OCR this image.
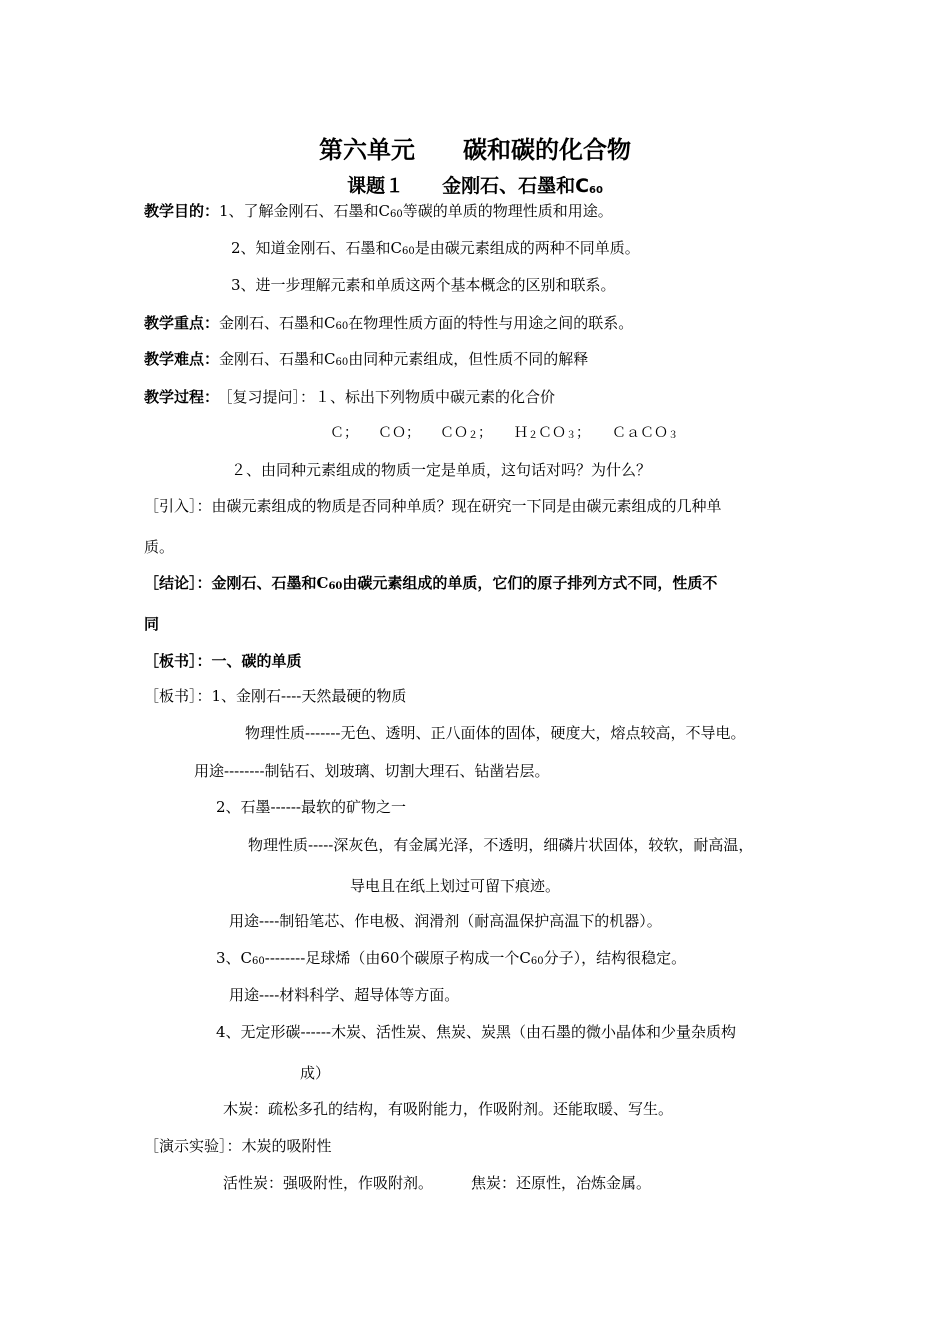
第六单元　　碳和碳的化合物
课题１　　金刚石、石墨和$C_{60}$
教学目的：1、了解金刚石、石墨和$C_{60}$等碳的单质的物理性质和用途。
2、知道金刚石、石墨和$C_{60}$是由碳元素组成的两种不同单质。
3、进一步理解元素和单质这两个基本概念的区别和联系。
教学重点：金刚石、石墨和$C_{60}$在物理性质方面的特性与用途之间的联系。
教学难点：金刚石、石墨和$C_{60}$由同种元素组成，但性质不同的解释
教学过程： ［复习提问］：１、标出下列物质中碳元素的化合价
Ｃ； ＣＯ； ＣＯ$_2$； Ｈ$_2$ＣＯ$_3$； ＣａＣＯ$_3$
２、由同种元素组成的物质一定是单质，这句话对吗？为什么？
［引入］：由碳元素组成的物质是否同种单质？现在研究一下同是由碳元素组成的几种单
质。
［结论］：金刚石、石墨和$C_{60}$由碳元素组成的单质，它们的原子排列方式不同，性质不
同
［板书］：一、碳的单质
［板书］：1、金刚石----天然最硬的物质
物理性质-------无色、透明、正八面体的固体，硬度大，熔点较高，不导电。
用途--------制钻石、划玻璃、切割大理石、钻凿岩层。
2、石墨------最软的矿物之一
物理性质-----深灰色，有金属光泽，不透明，细磷片状固体，较软，耐高温，
导电且在纸上划过可留下痕迹。
用途----制铅笔芯、作电极、润滑剂（耐高温保护高温下的机器）。
3、$C_{60}--------$足球烯（由60个碳原子构成一个$C_{60}$分子），结构很稳定。
用途----材料科学、超导体等方面。
4、无定形碳------木炭、活性炭、焦炭、炭黑（由石墨的微小晶体和少量杂质构
成）
木炭：疏松多孔的结构，有吸附能力，作吸附剂。还能取暖、写生。
［演示实验］：木炭的吸附性
活性炭：强吸附性，作吸附剂。	焦炭：还原性，冶炼金属。
